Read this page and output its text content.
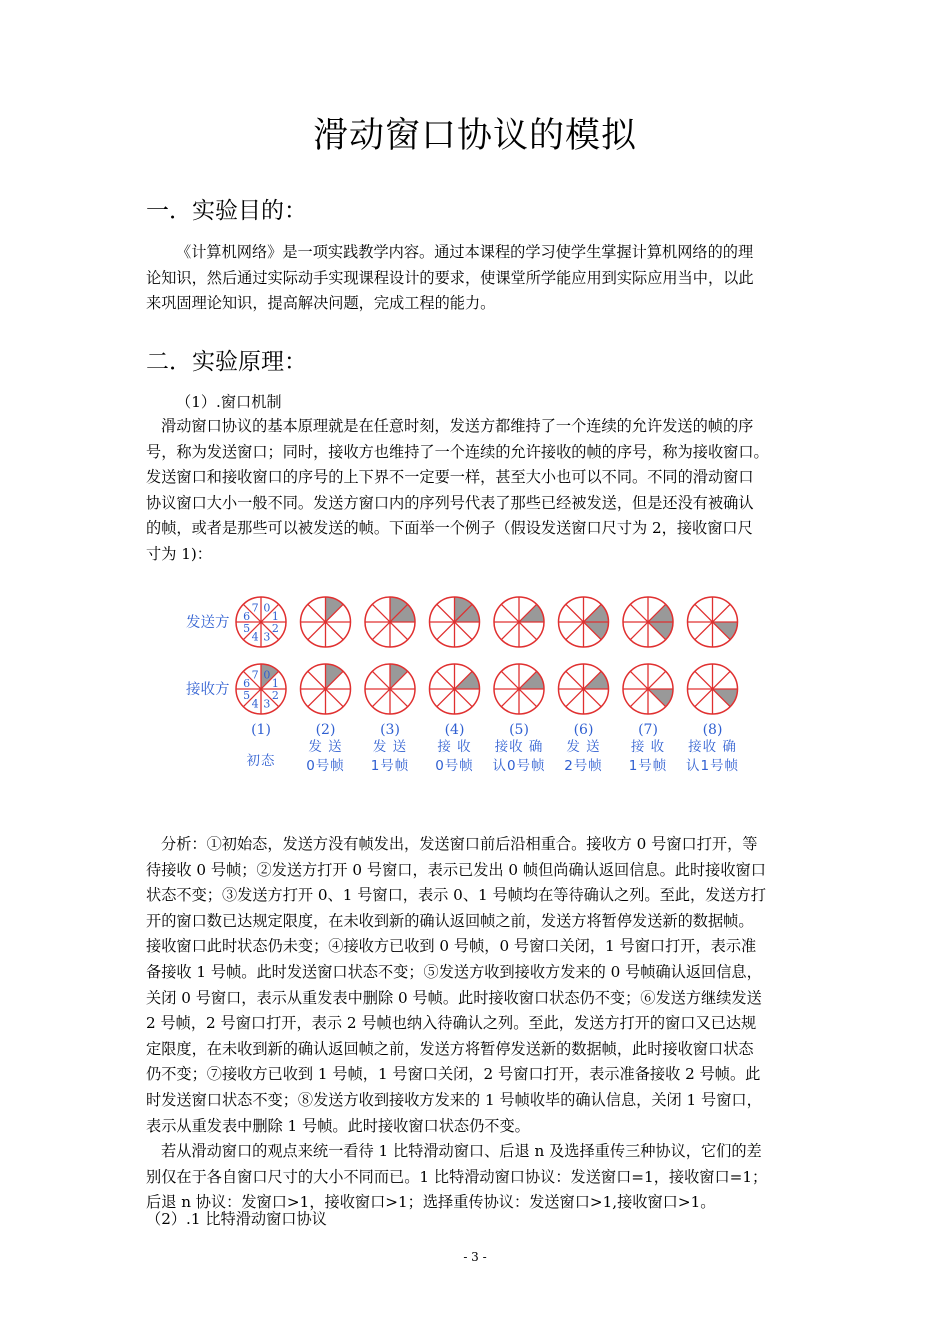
滑动窗口协议的模拟
一．实验目的：
《计算机网络》是一项实践教学内容。通过本课程的学习使学生掌握计算机网络的的理
论知识，然后通过实际动手实现课程设计的要求，使课堂所学能应用到实际应用当中，以此
来巩固理论知识，提高解决问题，完成工程的能力。
二．实验原理：
（1）.窗口机制
滑动窗口协议的基本原理就是在任意时刻，发送方都维持了一个连续的允许发送的帧的序
号，称为发送窗口；同时，接收方也维持了一个连续的允许接收的帧的序号，称为接收窗口。
发送窗口和接收窗口的序号的上下界不一定要一样，甚至大小也可以不同。不同的滑动窗口
协议窗口大小一般不同。发送方窗口内的序列号代表了那些已经被发送，但是还没有被确认
的帧，或者是那些可以被发送的帧。下面举一个例子（假设发送窗口尺寸为 2，接收窗口尺
寸为 1)：
发送方
接收方
0
1
2
3
4
5
6
7
0
1
2
3
4
5
6
7
(1)
初态
(2)
发 送
0号帧
(3)
发 送
1号帧
(4)
接 收
0号帧
(5)
接收 确
认0号帧
(6)
发 送
2号帧
(7)
接 收
1号帧
(8)
接收 确
认1号帧
分析：①初始态，发送方没有帧发出，发送窗口前后沿相重合。接收方 0 号窗口打开，等
待接收 0 号帧；②发送方打开 0 号窗口，表示已发出 0 帧但尚确认返回信息。此时接收窗口
状态不变；③发送方打开 0、1 号窗口，表示 0、1 号帧均在等待确认之列。至此，发送方打
开的窗口数已达规定限度，在未收到新的确认返回帧之前，发送方将暂停发送新的数据帧。
接收窗口此时状态仍未变；④接收方已收到 0 号帧，0 号窗口关闭，1 号窗口打开，表示准
备接收 1 号帧。此时发送窗口状态不变；⑤发送方收到接收方发来的 0 号帧确认返回信息，
关闭 0 号窗口，表示从重发表中删除 0 号帧。此时接收窗口状态仍不变；⑥发送方继续发送
2 号帧，2 号窗口打开，表示 2 号帧也纳入待确认之列。至此，发送方打开的窗口又已达规
定限度，在未收到新的确认返回帧之前，发送方将暂停发送新的数据帧，此时接收窗口状态
仍不变；⑦接收方已收到 1 号帧，1 号窗口关闭，2 号窗口打开，表示准备接收 2 号帧。此
时发送窗口状态不变；⑧发送方收到接收方发来的 1 号帧收毕的确认信息，关闭 1 号窗口，
表示从重发表中删除 1 号帧。此时接收窗口状态仍不变。
若从滑动窗口的观点来统一看待 1 比特滑动窗口、后退 n 及选择重传三种协议，它们的差
别仅在于各自窗口尺寸的大小不同而已。1 比特滑动窗口协议：发送窗口=1，接收窗口=1；
后退 n 协议：发窗口>1，接收窗口>1；选择重传协议：发送窗口>1,接收窗口>1。
（2）.1 比特滑动窗口协议
- 3 -
